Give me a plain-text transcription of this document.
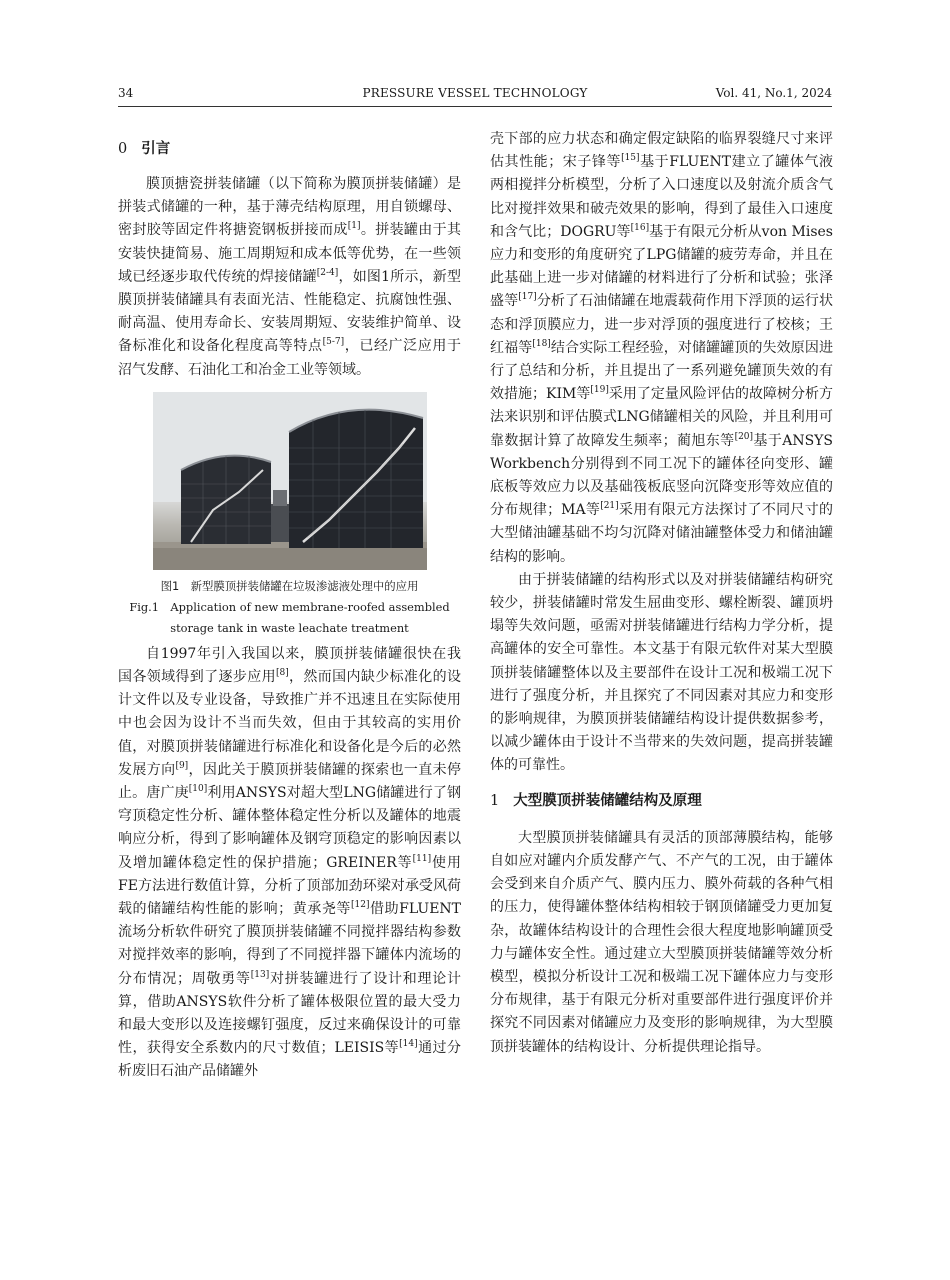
34	PRESSURE VESSEL TECHNOLOGY	Vol. 41, No.1, 2024
0 引言

膜顶搪瓷拼装储罐（以下简称为膜顶拼装储罐）是拼装式储罐的一种，基于薄壳结构原理，用自锁螺母、密封胶等固定件将搪瓷钢板拼接而成[1]。拼装罐由于其安装快捷简易、施工周期短和成本低等优势，在一些领域已经逐步取代传统的焊接储罐[2-4]，如图1所示，新型膜顶拼装储罐具有表面光洁、性能稳定、抗腐蚀性强、耐高温、使用寿命长、安装周期短、安装维护简单、设备标准化和设备化程度高等特点[5-7]，已经广泛应用于沼气发酵、石油化工和冶金工业等领域。

图1　新型膜顶拼装储罐在垃圾渗滤液处理中的应用
Fig.1　Application of new membrane-roofed assembled
storage tank in waste leachate treatment

自1997年引入我国以来，膜顶拼装储罐很快在我国各领域得到了逐步应用[8]，然而国内缺少标准化的设计文件以及专业设备，导致推广并不迅速且在实际使用中也会因为设计不当而失效，但由于其较高的实用价值，对膜顶拼装储罐进行标准化和设备化是今后的必然发展方向[9]，因此关于膜顶拼装储罐的探索也一直未停止。唐广庚[10]利用ANSYS对超大型LNG储罐进行了钢穹顶稳定性分析、罐体整体稳定性分析以及罐体的地震响应分析，得到了影响罐体及钢穹顶稳定的影响因素以及增加罐体稳定性的保护措施；GREINER等[11]使用FE方法进行数值计算，分析了顶部加劲环梁对承受风荷载的储罐结构性能的影响；黄承尧等[12]借助FLUENT流场分析软件研究了膜顶拼装储罐不同搅拌器结构参数对搅拌效率的影响，得到了不同搅拌器下罐体内流场的分布情况；周敬勇等[13]对拼装罐进行了设计和理论计算，借助ANSYS软件分析了罐体极限位置的最大受力和最大变形以及连接螺钉强度，反过来确保设计的可靠性，获得安全系数内的尺寸数值；LEISIS等[14]通过分析废旧石油产品储罐外

壳下部的应力状态和确定假定缺陷的临界裂缝尺寸来评估其性能；宋子锋等[15]基于FLUENT建立了罐体气液两相搅拌分析模型，分析了入口速度以及射流介质含气比对搅拌效果和破壳效果的影响，得到了最佳入口速度和含气比；DOGRU等[16]基于有限元分析从von Mises应力和变形的角度研究了LPG储罐的疲劳寿命，并且在此基础上进一步对储罐的材料进行了分析和试验；张泽盛等[17]分析了石油储罐在地震载荷作用下浮顶的运行状态和浮顶膜应力，进一步对浮顶的强度进行了校核；王红福等[18]结合实际工程经验，对储罐罐顶的失效原因进行了总结和分析，并且提出了一系列避免罐顶失效的有效措施；KIM等[19]采用了定量风险评估的故障树分析方法来识别和评估膜式LNG储罐相关的风险，并且利用可靠数据计算了故障发生频率；蔺旭东等[20]基于ANSYS Workbench分别得到不同工况下的罐体径向变形、罐底板等效应力以及基础筏板底竖向沉降变形等效应值的分布规律；MA等[21]采用有限元方法探讨了不同尺寸的大型储油罐基础不均匀沉降对储油罐整体受力和储油罐结构的影响。

由于拼装储罐的结构形式以及对拼装储罐结构研究较少，拼装储罐时常发生屈曲变形、螺栓断裂、罐顶坍塌等失效问题，亟需对拼装储罐进行结构力学分析，提高罐体的安全可靠性。本文基于有限元软件对某大型膜顶拼装储罐整体以及主要部件在设计工况和极端工况下进行了强度分析，并且探究了不同因素对其应力和变形的影响规律，为膜顶拼装储罐结构设计提供数据参考，以减少罐体由于设计不当带来的失效问题，提高拼装罐体的可靠性。

1 大型膜顶拼装储罐结构及原理

大型膜顶拼装储罐具有灵活的顶部薄膜结构，能够自如应对罐内介质发酵产气、不产气的工况，由于罐体会受到来自介质产气、膜内压力、膜外荷载的各种气相的压力，使得罐体整体结构相较于钢顶储罐受力更加复杂，故罐体结构设计的合理性会很大程度地影响罐顶受力与罐体安全性。通过建立大型膜顶拼装储罐等效分析模型，模拟分析设计工况和极端工况下罐体应力与变形分布规律，基于有限元分析对重要部件进行强度评价并探究不同因素对储罐应力及变形的影响规律，为大型膜顶拼装罐体的结构设计、分析提供理论指导。
